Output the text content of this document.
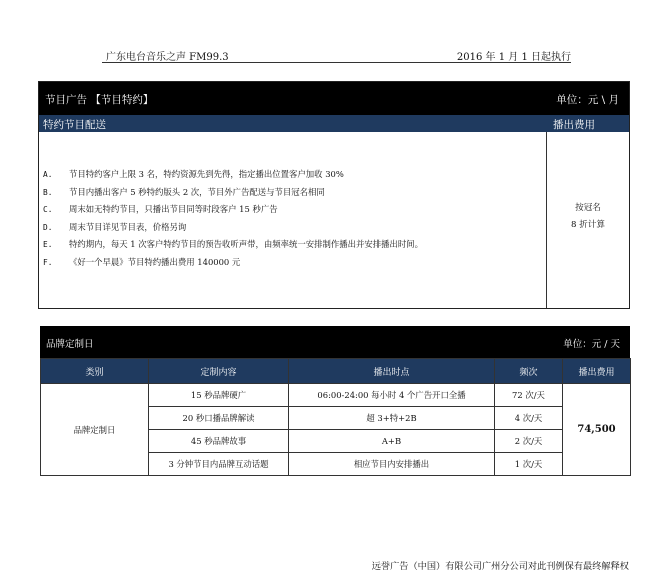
广东电台音乐之声 FM99.3	2016 年 1 月 1 日起执行
节目广告 【节目特约】	单位：元 \ 月
特约节目配送	播出费用
按冠名
8 折计算
A. 节目特约客户上限 3 名，特约资源先到先得，指定播出位置客户加收 30%
B. 节目内播出客户 5 秒特约版头 2 次，节目外广告配送与节目冠名相同
C. 周末如无特约节目，只播出节目同等时段客户 15 秒广告
D. 周末节目详见节目表，价格另询
E. 特约期内，每天 1 次客户特约节目的预告收听声带，由频率统一安排制作播出并安排播出时间。
F. 《好一个早晨》节目特约播出费用 140000 元
品牌定制日	单位：元 / 天
类别	定制内容	播出时点	频次	播出费用
品牌定制日	15 秒品牌硬广	06:00-24:00 每小时 4 个广告开口全播	72 次/天	74,500
	20 秒口播品牌解读	超 3+特+2B	4 次/天	
	45 秒品牌故事	A+B	2 次/天	
	3 分钟节目内品牌互动话题	相应节目内安排播出	1 次/天	
远誉广告（中国）有限公司广州分公司对此刊例保有最终解释权
